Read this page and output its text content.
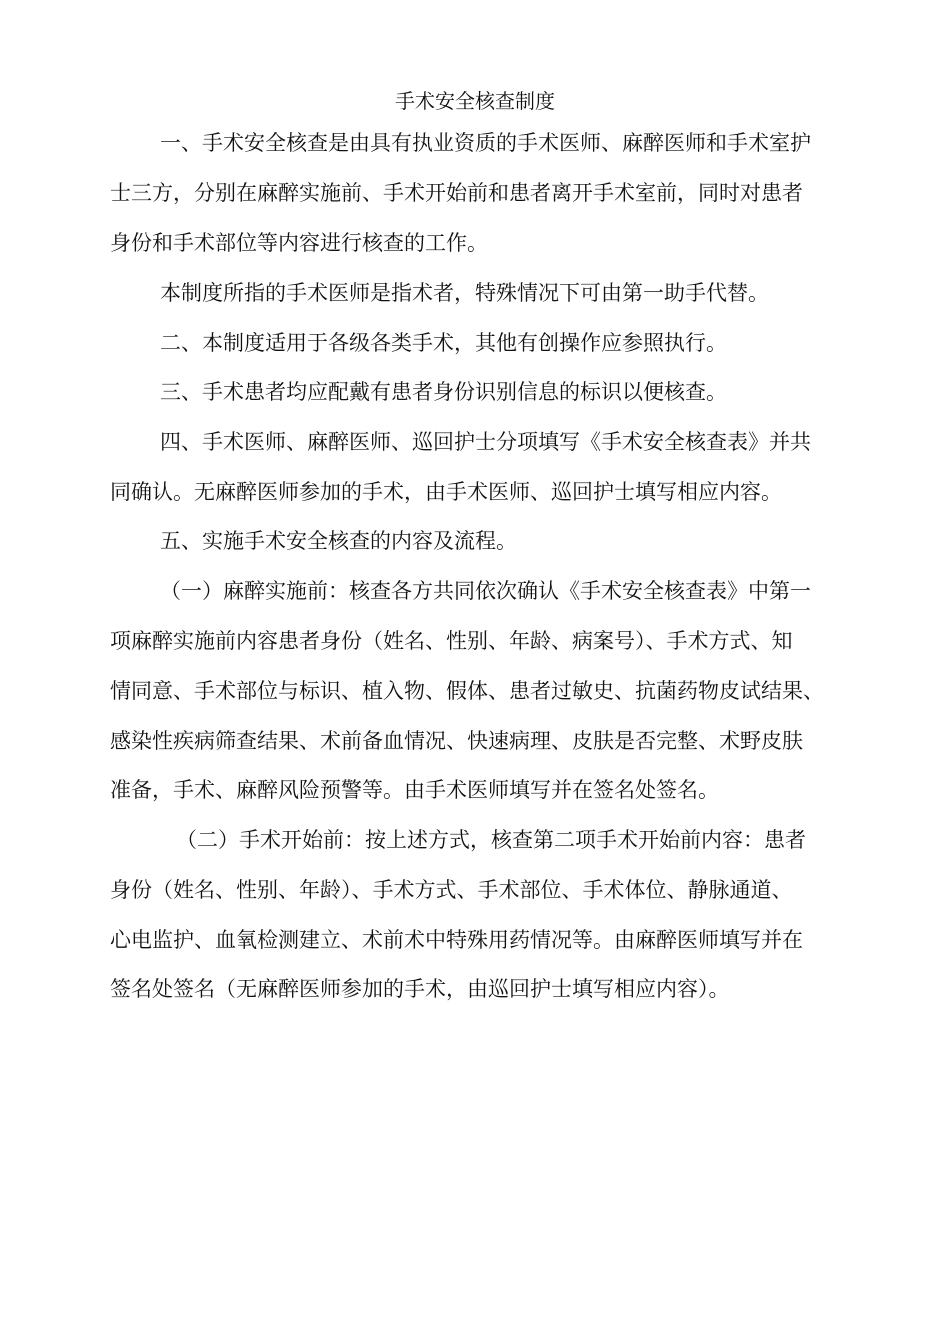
手术安全核查制度
一、手术安全核查是由具有执业资质的手术医师、麻醉医师和手术室护
士三方，分别在麻醉实施前、手术开始前和患者离开手术室前，同时对患者
身份和手术部位等内容进行核查的工作。
本制度所指的手术医师是指术者，特殊情况下可由第一助手代替。
二、本制度适用于各级各类手术，其他有创操作应参照执行。
三、手术患者均应配戴有患者身份识别信息的标识以便核查。
四、手术医师、麻醉医师、巡回护士分项填写《手术安全核查表》并共
同确认。无麻醉医师参加的手术，由手术医师、巡回护士填写相应内容。
五、实施手术安全核查的内容及流程。
（一）麻醉实施前：核查各方共同依次确认《手术安全核查表》中第一
项麻醉实施前内容患者身份（姓名、性别、年龄、病案号）、手术方式、知
情同意、手术部位与标识、植入物、假体、患者过敏史、抗菌药物皮试结果、
感染性疾病筛查结果、术前备血情况、快速病理、皮肤是否完整、术野皮肤
准备，手术、麻醉风险预警等。由手术医师填写并在签名处签名。
（二）手术开始前：按上述方式，核查第二项手术开始前内容：患者
身份（姓名、性别、年龄）、手术方式、手术部位、手术体位、静脉通道、
心电监护、血氧检测建立、术前术中特殊用药情况等。由麻醉医师填写并在
签名处签名（无麻醉医师参加的手术，由巡回护士填写相应内容）。
